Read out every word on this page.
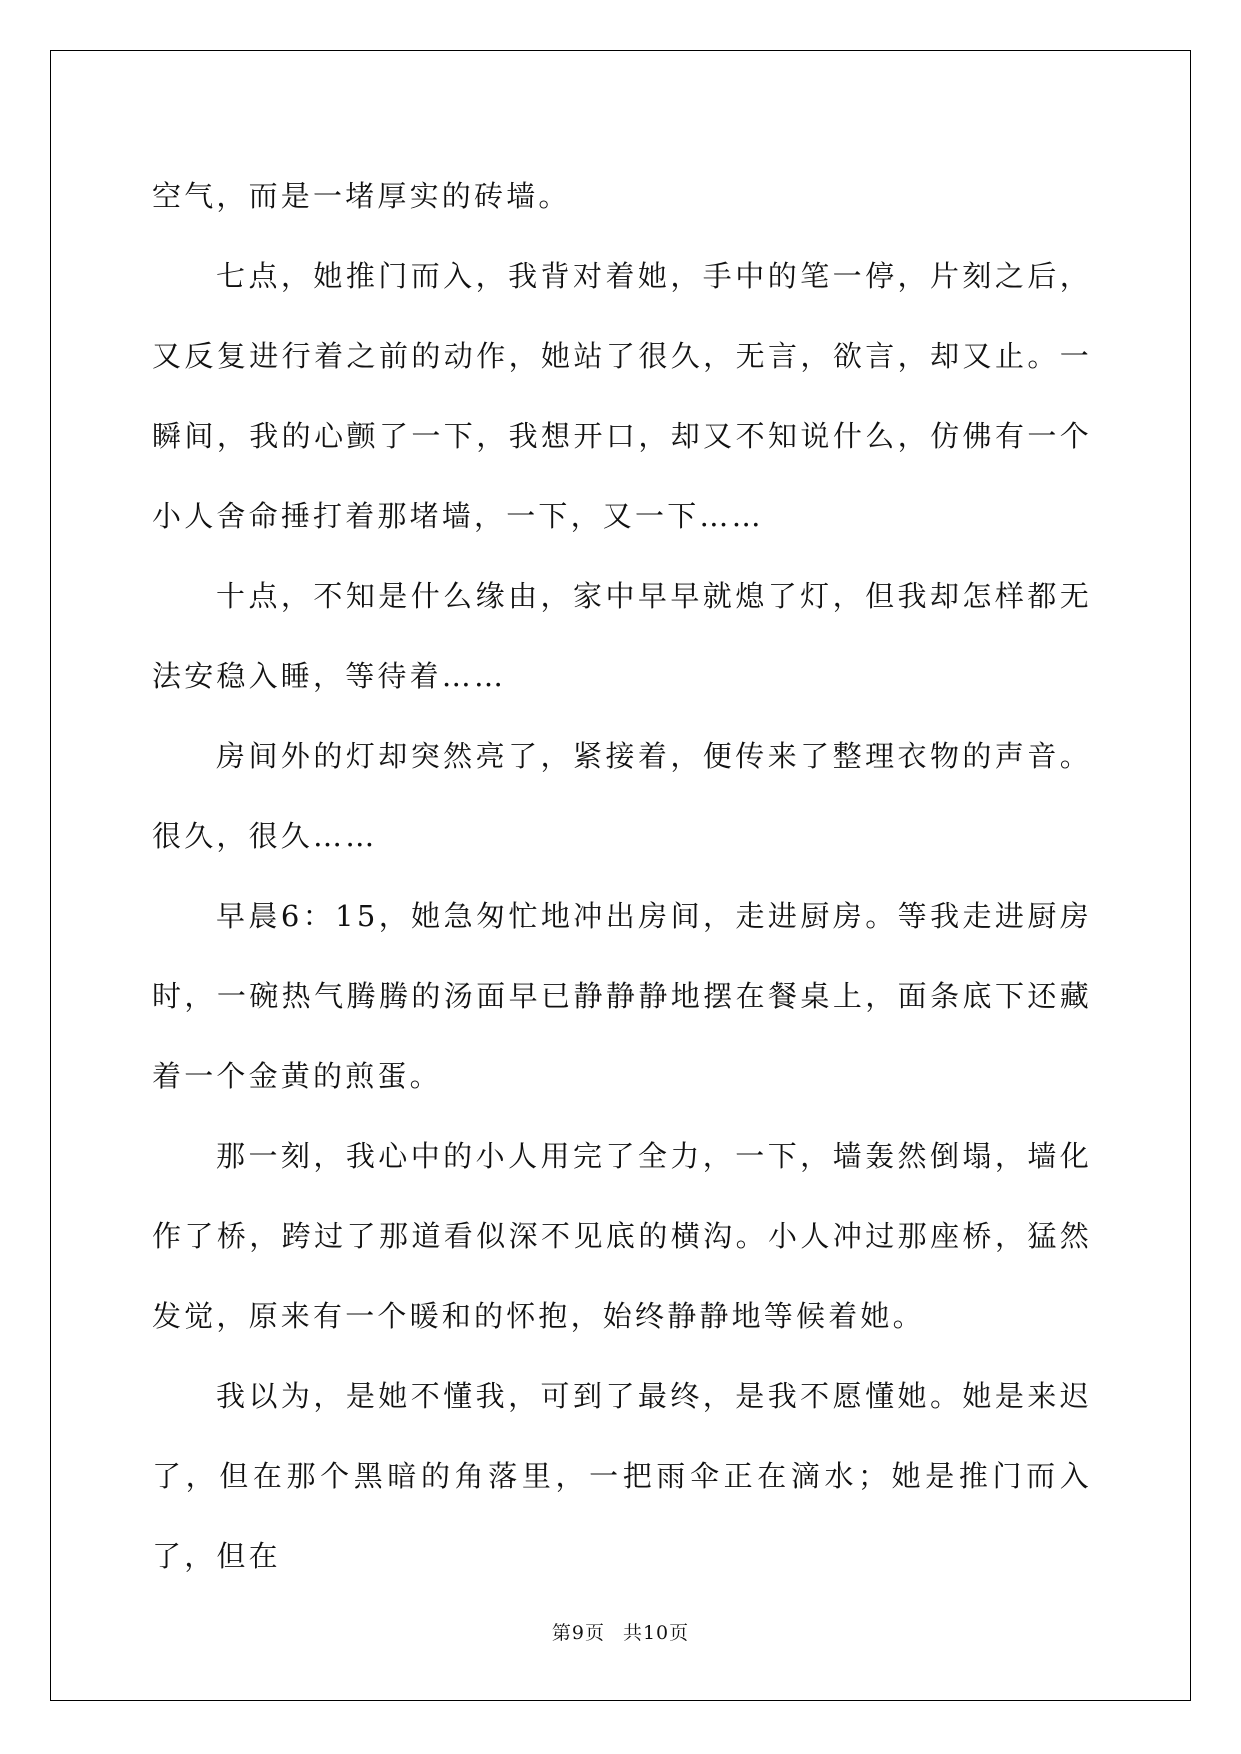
空气，而是一堵厚实的砖墙。

七点，她推门而入，我背对着她，手中的笔一停，片刻之后，又反复进行着之前的动作，她站了很久，无言，欲言，却又止。一瞬间，我的心颤了一下，我想开口，却又不知说什么，仿佛有一个小人舍命捶打着那堵墙，一下，又一下……

十点，不知是什么缘由，家中早早就熄了灯，但我却怎样都无法安稳入睡，等待着……

房间外的灯却突然亮了，紧接着，便传来了整理衣物的声音。很久，很久……

早晨6：15，她急匆忙地冲出房间，走进厨房。等我走进厨房时，一碗热气腾腾的汤面早已静静静地摆在餐桌上，面条底下还藏着一个金黄的煎蛋。

那一刻，我心中的小人用完了全力，一下，墙轰然倒塌，墙化作了桥，跨过了那道看似深不见底的横沟。小人冲过那座桥，猛然发觉，原来有一个暖和的怀抱，始终静静地等候着她。

我以为，是她不懂我，可到了最终，是我不愿懂她。她是来迟了，但在那个黑暗的角落里，一把雨伞正在滴水；她是推门而入了，但在

第9页 共10页
